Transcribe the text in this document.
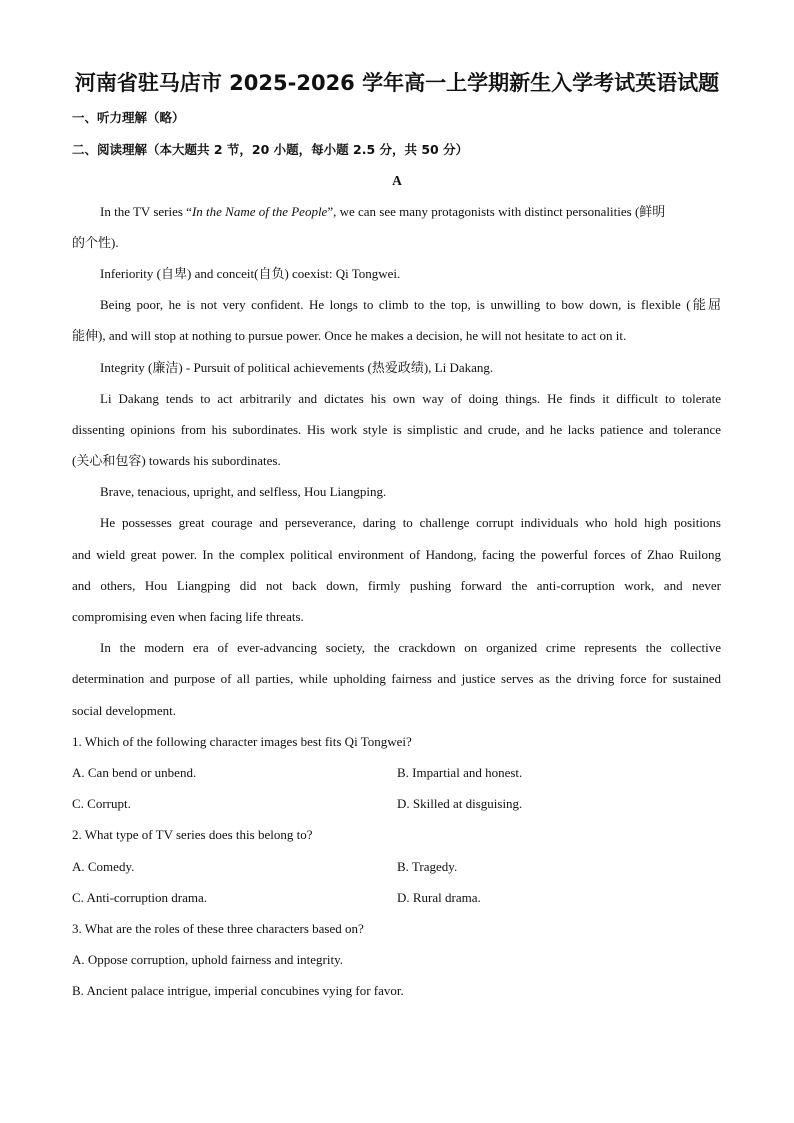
河南省驻马店市 2025-2026 学年高一上学期新生入学考试英语试题
一、听力理解（略）
二、阅读理解（本大题共 2 节，20 小题，每小题 2.5 分，共 50 分）
A
In the TV series “In the Name of the People”, we can see many protagonists with distinct personalities (鲜明
的个性).
Inferiority (自卑) and conceit(自负) coexist: Qi Tongwei.
Being poor, he is not very confident. He longs to climb to the top, is unwilling to bow down, is flexible (能屈
能伸), and will stop at nothing to pursue power. Once he makes a decision, he will not hesitate to act on it.
Integrity (廉洁) - Pursuit of political achievements (热爱政绩), Li Dakang.
Li Dakang tends to act arbitrarily and dictates his own way of doing things. He finds it difficult to tolerate
dissenting opinions from his subordinates. His work style is simplistic and crude, and he lacks patience and tolerance
(关心和包容) towards his subordinates.
Brave, tenacious, upright, and selfless, Hou Liangping.
He possesses great courage and perseverance, daring to challenge corrupt individuals who hold high positions
and wield great power. In the complex political environment of Handong, facing the powerful forces of Zhao Ruilong
and others, Hou Liangping did not back down, firmly pushing forward the anti-corruption work, and never
compromising even when facing life threats.
In the modern era of ever-advancing society, the crackdown on organized crime represents the collective
determination and purpose of all parties, while upholding fairness and justice serves as the driving force for sustained
social development.
1. Which of the following character images best fits Qi Tongwei?
A. Can bend or unbend.	B. Impartial and honest.
C. Corrupt.	D. Skilled at disguising.
2. What type of TV series does this belong to?
A. Comedy.	B. Tragedy.
C. Anti-corruption drama.	D. Rural drama.
3. What are the roles of these three characters based on?
A. Oppose corruption, uphold fairness and integrity.
B. Ancient palace intrigue, imperial concubines vying for favor.
